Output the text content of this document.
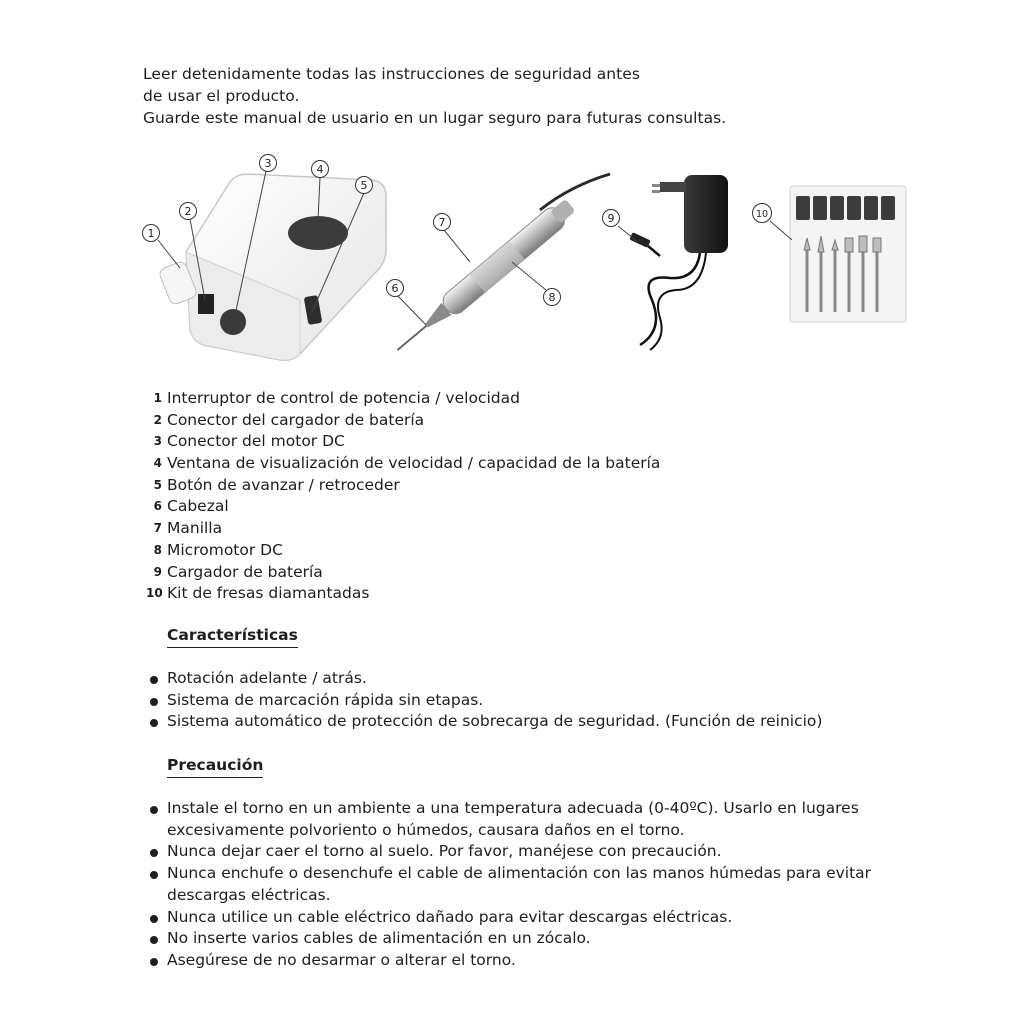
Leer detenidamente todas las instrucciones de seguridad antes
de usar el producto.
Guarde este manual de usuario en un lugar seguro para futuras consultas.
1
2
3	4
5
6
7
8
9	10
1 Interruptor de control de potencia / velocidad
2 Conector del cargador de batería
3 Conector del motor DC
4 Ventana de visualización de velocidad / capacidad de la batería
5 Botón de avanzar / retroceder
6 Cabezal
7 Manilla
8 Micromotor DC
9 Cargador de batería
10 Kit de fresas diamantadas
Características
Rotación adelante / atrás.
Sistema de marcación rápida sin etapas.
Sistema automático de protección de sobrecarga de seguridad. (Función de reinicio)
Precaución
Instale el torno en un ambiente a una temperatura adecuada (0-40ºC). Usarlo en lugares
excesivamente polvoriento o húmedos, causara daños en el torno.
Nunca dejar caer el torno al suelo. Por favor, manéjese con precaución.
Nunca enchufe o desenchufe el cable de alimentación con las manos húmedas para evitar
descargas eléctricas.
Nunca utilice un cable eléctrico dañado para evitar descargas eléctricas.
No inserte varios cables de alimentación en un zócalo.
Asegúrese de no desarmar o alterar el torno.
